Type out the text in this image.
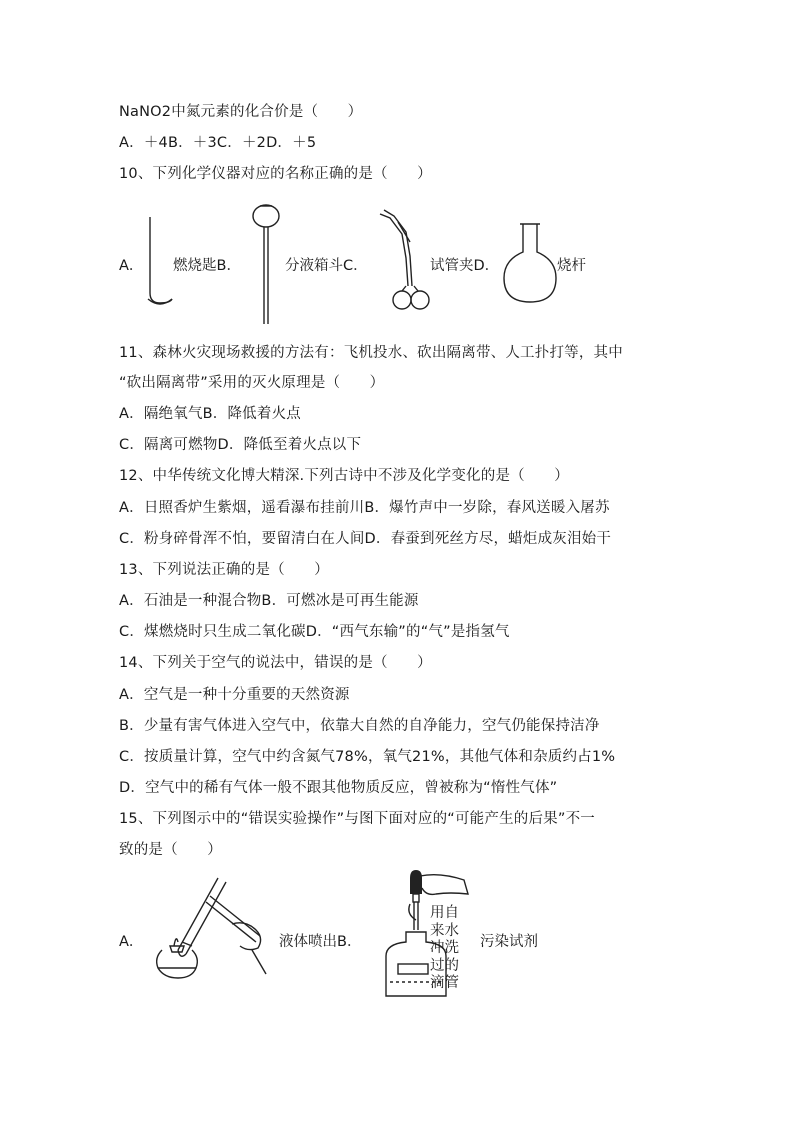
NaNO2中氮元素的化合价是（　　）
A．＋4B．＋3C．＋2D．＋5
10、下列化学仪器对应的名称正确的是（　　）
A． 燃烧匙B．	分液箱斗C．	试管夹D．	烧杆
11、森林火灾现场救援的方法有：飞机投水、砍出隔离带、人工扑打等，其中
“砍出隔离带”采用的灭火原理是（　　）
A．隔绝氧气B．降低着火点
C．隔离可燃物D．降低至着火点以下
12、中华传统文化博大精深.下列古诗中不涉及化学变化的是（　　）
A．日照香炉生紫烟，遥看瀑布挂前川B．爆竹声中一岁除，春风送暖入屠苏
C．粉身碎骨浑不怕，要留清白在人间D．春蚕到死丝方尽，蜡炬成灰泪始干
13、下列说法正确的是（　　）
A．石油是一种混合物B．可燃冰是可再生能源
C．煤燃烧时只生成二氧化碳D．“西气东输”的“气”是指氢气
14、下列关于空气的说法中，错误的是（　　）
A．空气是一种十分重要的天然资源
B．少量有害气体进入空气中，依靠大自然的自净能力，空气仍能保持洁净
C．按质量计算，空气中约含氮气78%，氧气21%，其他气体和杂质约占1%
D．空气中的稀有气体一般不跟其他物质反应，曾被称为“惰性气体”
15、下列图示中的“错误实验操作”与图下面对应的“可能产生的后果”不一
致的是（　　）
A．	液体喷出B．
用自
来水
冲洗
过的
滴管
污染试剂
